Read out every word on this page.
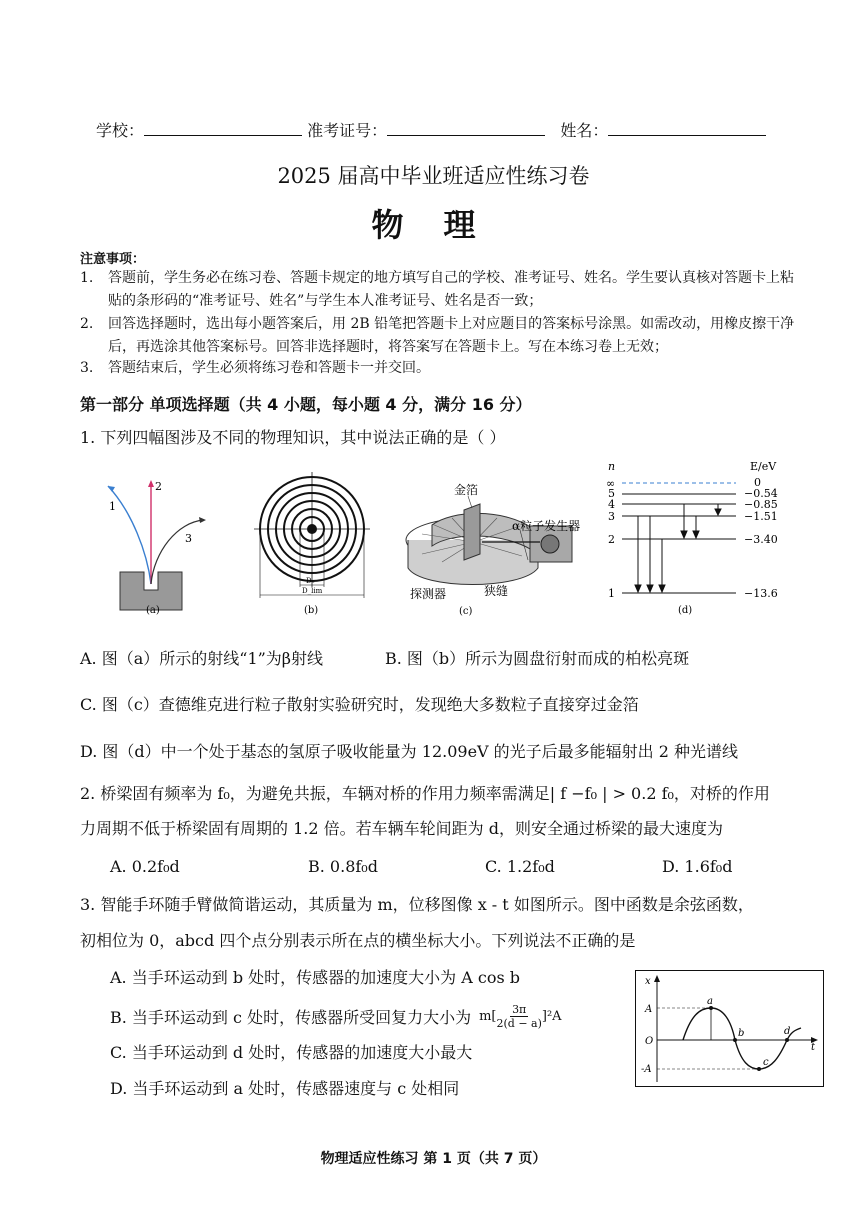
学校：	准考证号：	姓名：
2025 届高中毕业班适应性练习卷
物理
注意事项：
1. 答题前，学生务必在练习卷、答题卡规定的地方填写自己的学校、准考证号、姓名。学生要认真核对答题卡上粘贴的条形码的“准考证号、姓名”与学生本人准考证号、姓名是否一致；
2. 回答选择题时，选出每小题答案后，用 2B 铅笔把答题卡上对应题目的答案标号涂黑。如需改动，用橡皮擦干净后，再选涂其他答案标号。回答非选择题时，将答案写在答题卡上。写在本练习卷上无效；
3. 答题结束后，学生必须将练习卷和答题卡一并交回。
第一部分 单项选择题（共 4 小题，每小题 4 分，满分 16 分）
1. 下列四幅图涉及不同的物理知识，其中说法正确的是（ ）
1
2
3
(a)
D₀
D_lim
(b)
金箔
α粒子发生器
探测器	狭缝
(c)
n	E/eV
∞
5
4
3
2
1
0
−0.54
−0.85
−1.51
−3.40
−13.6
(d)
A. 图（a）所示的射线“1”为β射线	B. 图（b）所示为圆盘衍射而成的柏松亮斑
C. 图（c）查德维克进行粒子散射实验研究时，发现绝大多数粒子直接穿过金箔
D. 图（d）中一个处于基态的氢原子吸收能量为 12.09eV 的光子后最多能辐射出 2 种光谱线
2. 桥梁固有频率为 f₀，为避免共振，车辆对桥的作用力频率需满足| f −f₀ | > 0.2 f₀，对桥的作用
力周期不低于桥梁固有周期的 1.2 倍。若车辆车轮间距为 d，则安全通过桥梁的最大速度为
A. 0.2f₀d	B. 0.8f₀d	C. 1.2f₀d	D. 1.6f₀d
3. 智能手环随手臂做简谐运动，其质量为 m，位移图像 x - t 如图所示。图中函数是余弦函数，
初相位为 0，abcd 四个点分别表示所在点的横坐标大小。下列说法不正确的是
A. 当手环运动到 b 处时，传感器的加速度大小为 A cos b
B. 当手环运动到 c 处时，传感器所受回复力大小为 m[ 3π
2(d − a) ]²A
C. 当手环运动到 d 处时，传感器的加速度大小最大
D. 当手环运动到 a 处时，传感器速度与 c 处相同
x
t
A
-A
O
a
b
c
d
物理适应性练习 第 1 页（共 7 页）
